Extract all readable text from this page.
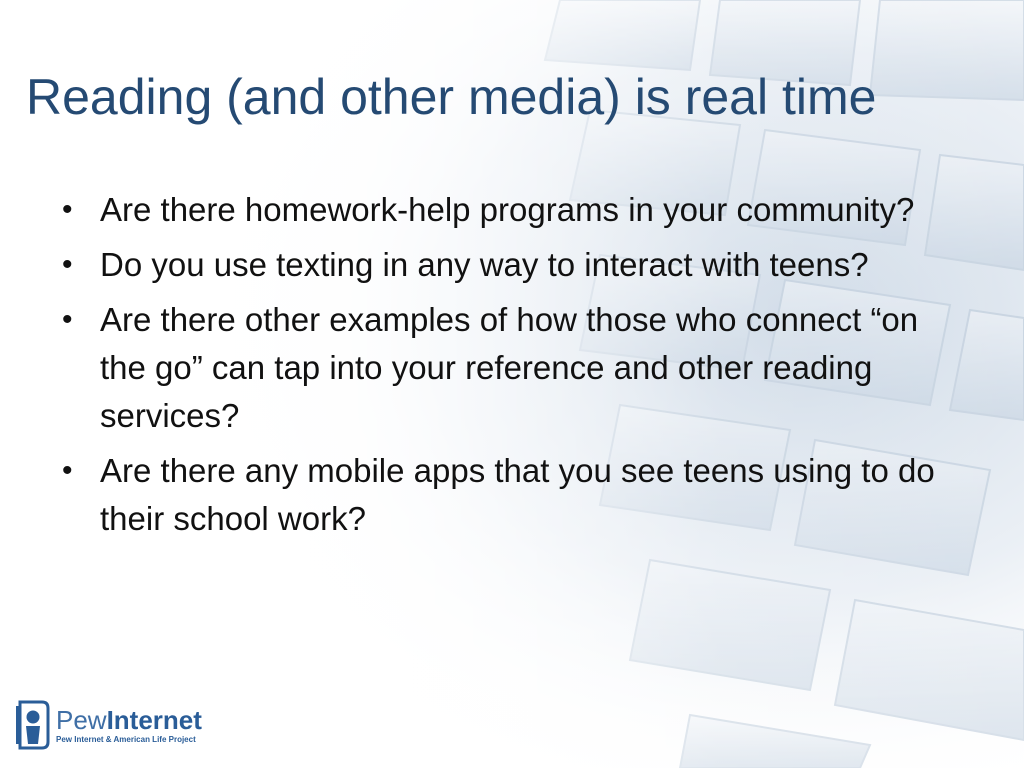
Reading (and other media) is real time
• Are there homework-help programs in your community?
• Do you use texting in any way to interact with teens?
• Are there other examples of how those who connect “on the go” can tap into your reference and other reading services?
• Are there any mobile apps that you see teens using to do their school work?
PewInternet
Pew Internet & American Life Project
